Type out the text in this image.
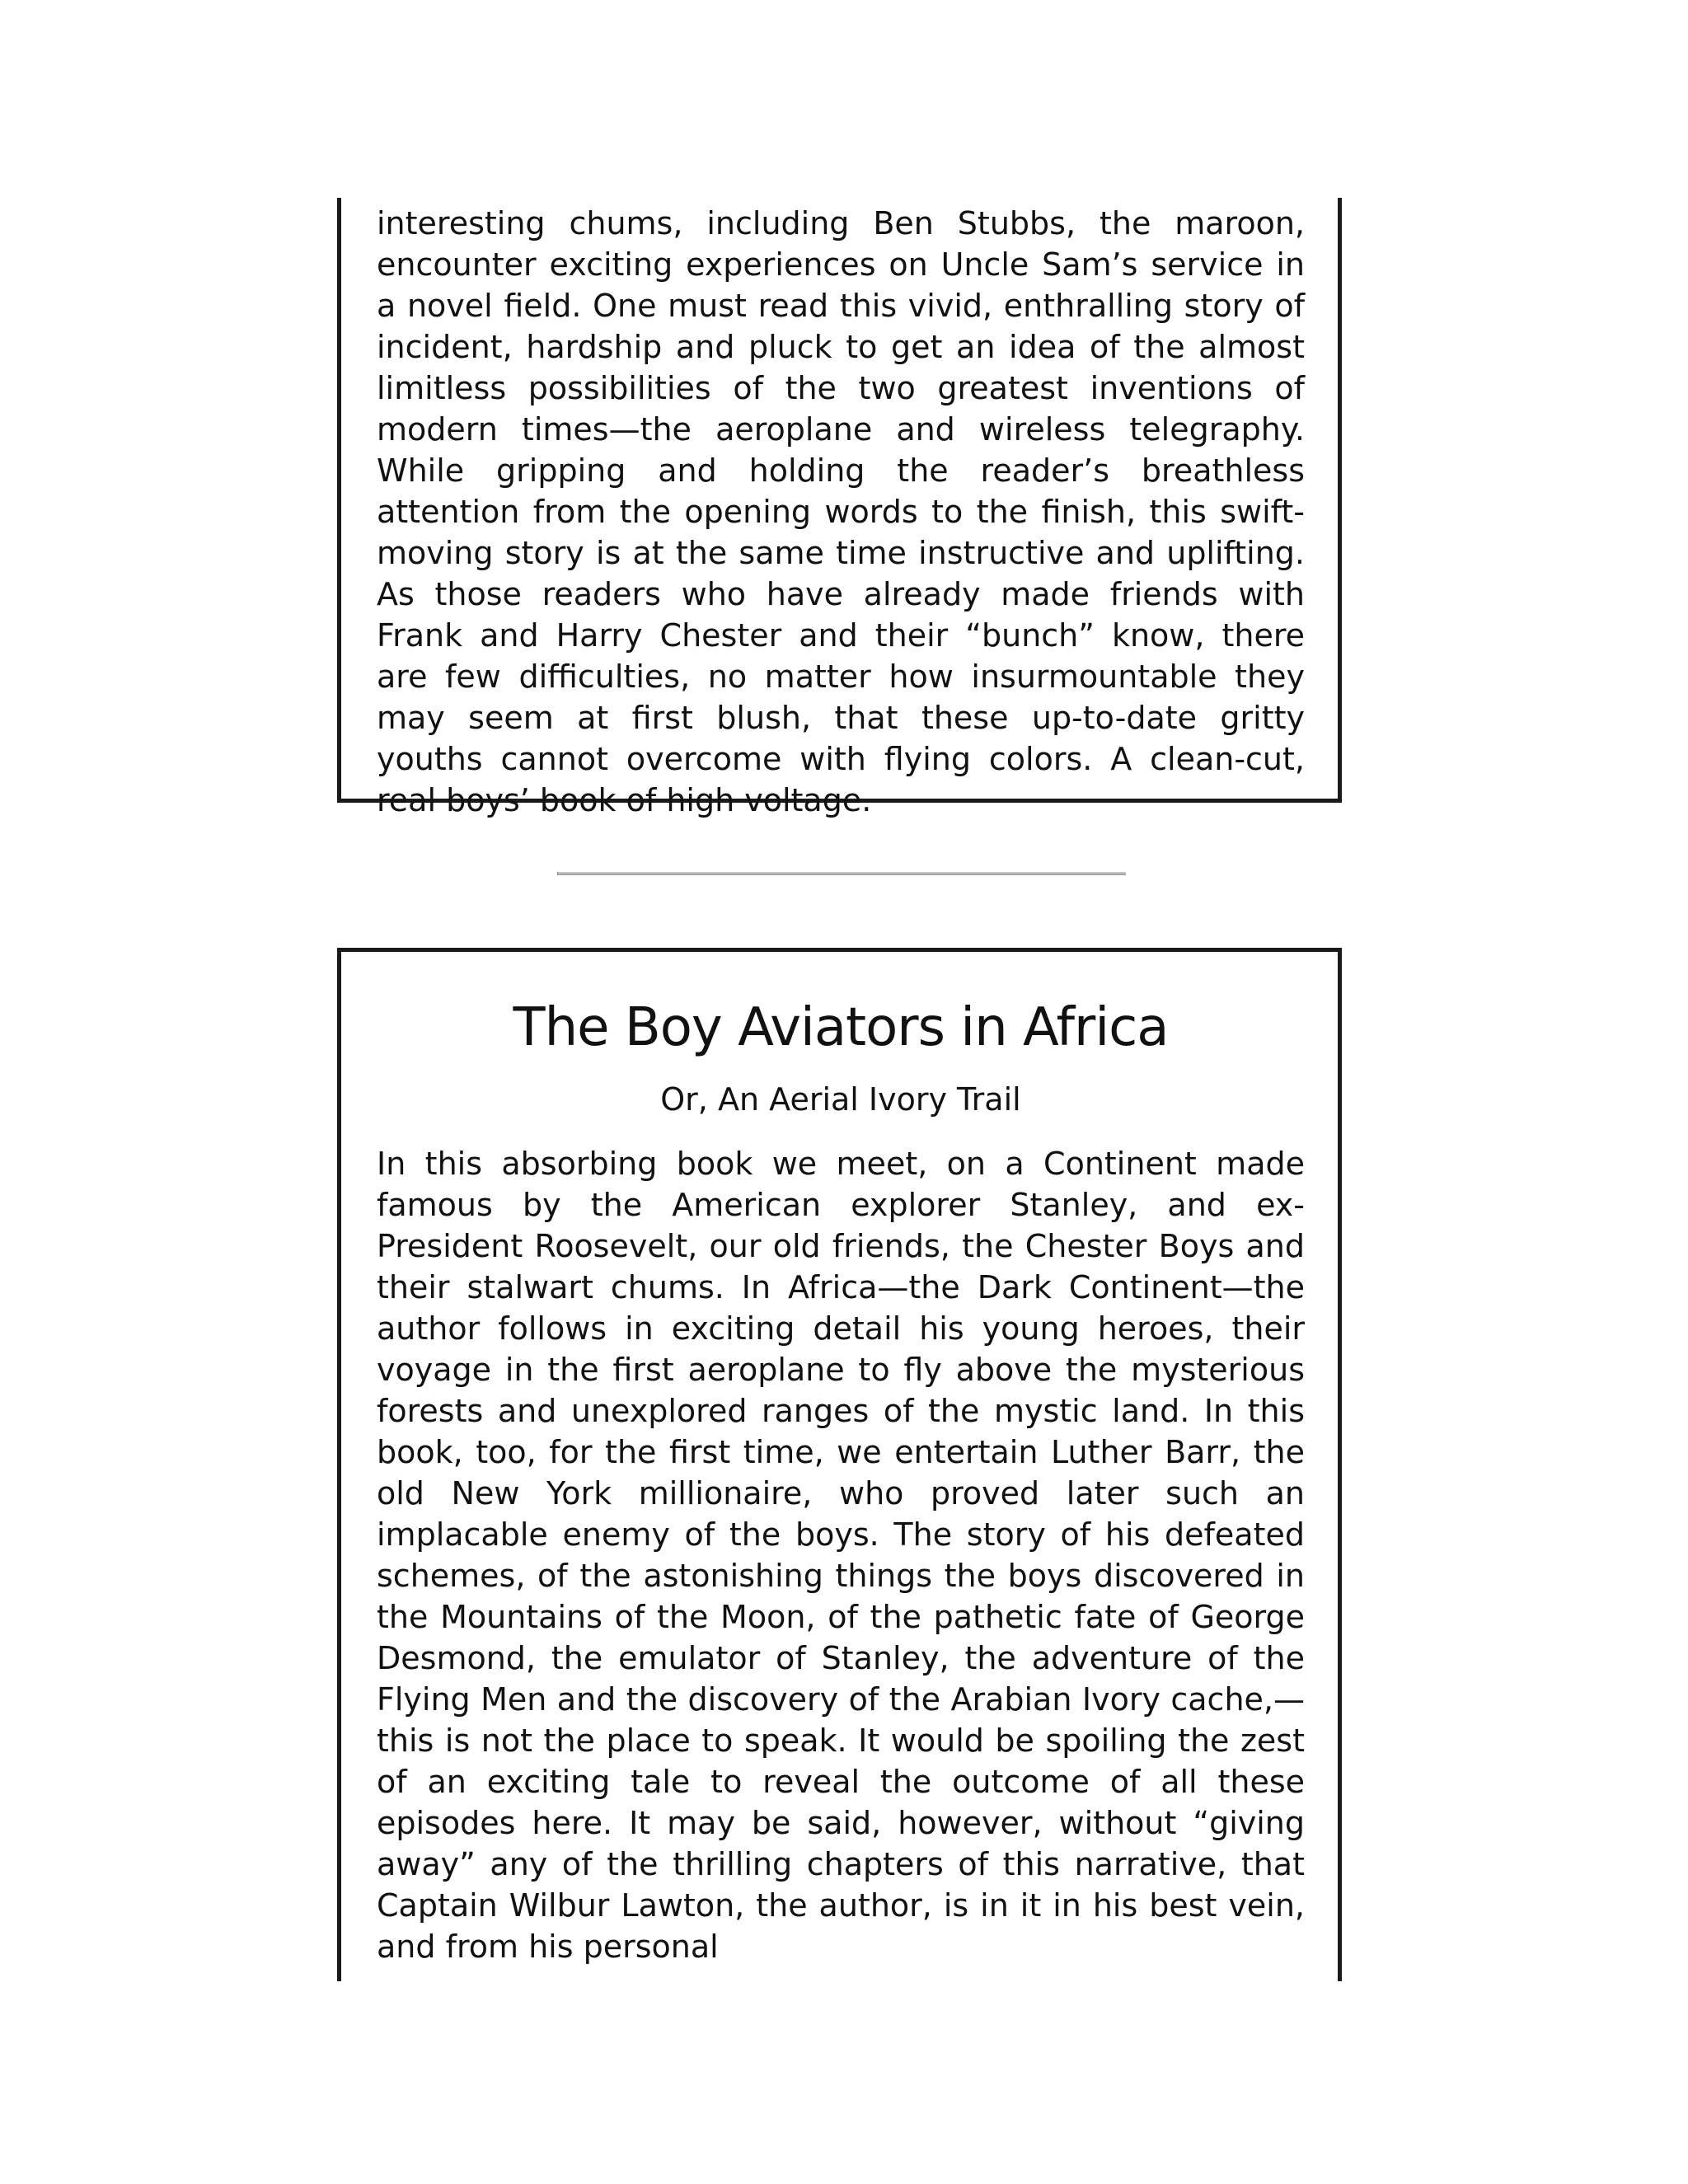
interesting chums, including Ben Stubbs, the maroon, encounter exciting experiences on Uncle Sam’s service in a novel field. One must read this vivid, enthralling story of incident, hardship and pluck to get an idea of the almost limitless possibilities of the two greatest inventions of modern times—the aeroplane and wireless telegraphy. While gripping and holding the reader’s breathless attention from the opening words to the finish, this swift-moving story is at the same time instructive and uplifting. As those readers who have already made friends with Frank and Harry Chester and their “bunch” know, there are few difficulties, no matter how insurmountable they may seem at first blush, that these up-to-date gritty youths cannot overcome with flying colors. A clean-cut, real boys’ book of high voltage.

The Boy Aviators in Africa

Or, An Aerial Ivory Trail

In this absorbing book we meet, on a Continent made famous by the American explorer Stanley, and ex-President Roosevelt, our old friends, the Chester Boys and their stalwart chums. In Africa—the Dark Continent—the author follows in exciting detail his young heroes, their voyage in the first aeroplane to fly above the mysterious forests and unexplored ranges of the mystic land. In this book, too, for the first time, we entertain Luther Barr, the old New York millionaire, who proved later such an implacable enemy of the boys. The story of his defeated schemes, of the astonishing things the boys discovered in the Mountains of the Moon, of the pathetic fate of George Desmond, the emulator of Stanley, the adventure of the Flying Men and the discovery of the Arabian Ivory cache,—this is not the place to speak. It would be spoiling the zest of an exciting tale to reveal the outcome of all these episodes here. It may be said, however, without “giving away” any of the thrilling chapters of this narrative, that Captain Wilbur Lawton, the author, is in it in his best vein, and from his personal
